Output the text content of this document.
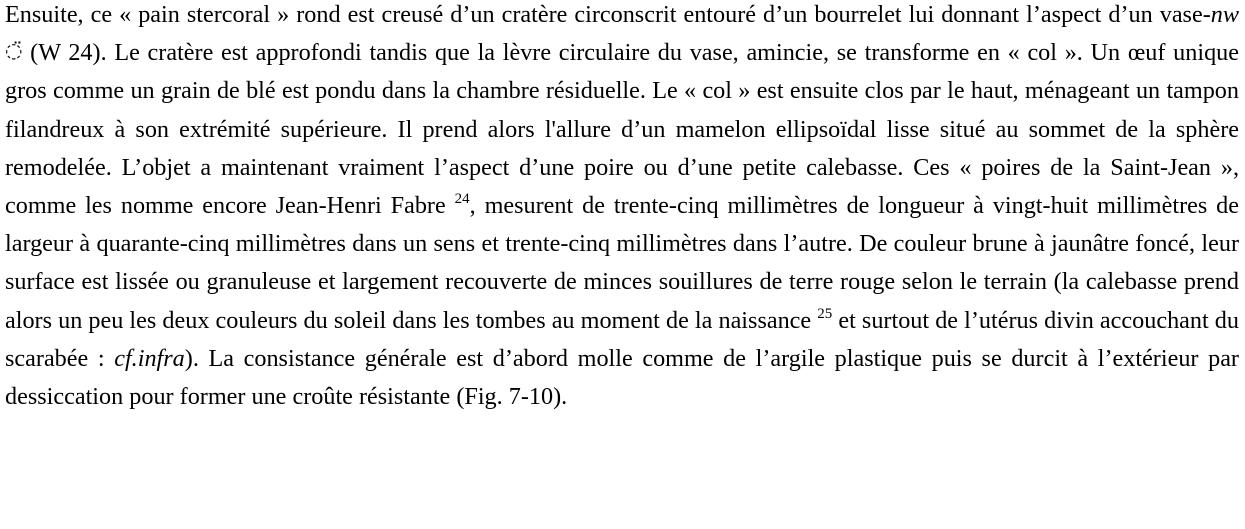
Ensuite, ce « pain stercoral » rond est creusé d’un cratère circonscrit entouré d’un bourrelet lui donnant l’aspect d’un vase-nw ◌̈ (W 24). Le cratère est approfondi tandis que la lèvre circulaire du vase, amincie, se transforme en « col ». Un œuf unique gros comme un grain de blé est pondu dans la chambre résiduelle. Le « col » est ensuite clos par le haut, ménageant un tampon filandreux à son extrémité supérieure. Il prend alors l'allure d’un mamelon ellipsoïdal lisse situé au sommet de la sphère remodelée. L’objet a maintenant vraiment l’aspect d’une poire ou d’une petite calebasse. Ces « poires de la Saint-Jean », comme les nomme encore Jean-Henri Fabre $^{24}$, mesurent de trente-cinq millimètres de longueur à vingt-huit millimètres de largeur à quarante-cinq millimètres dans un sens et trente-cinq millimètres dans l’autre. De couleur brune à jaunâtre foncé, leur surface est lissée ou granuleuse et largement recouverte de minces souillures de terre rouge selon le terrain (la calebasse prend alors un peu les deux couleurs du soleil dans les tombes au moment de la naissance $^{25}$ et surtout de l’utérus divin accouchant du scarabée : cf.infra). La consistance générale est d’abord molle comme de l’argile plastique puis se durcit à l’extérieur par dessiccation pour former une croûte résistante (Fig. 7-10).
